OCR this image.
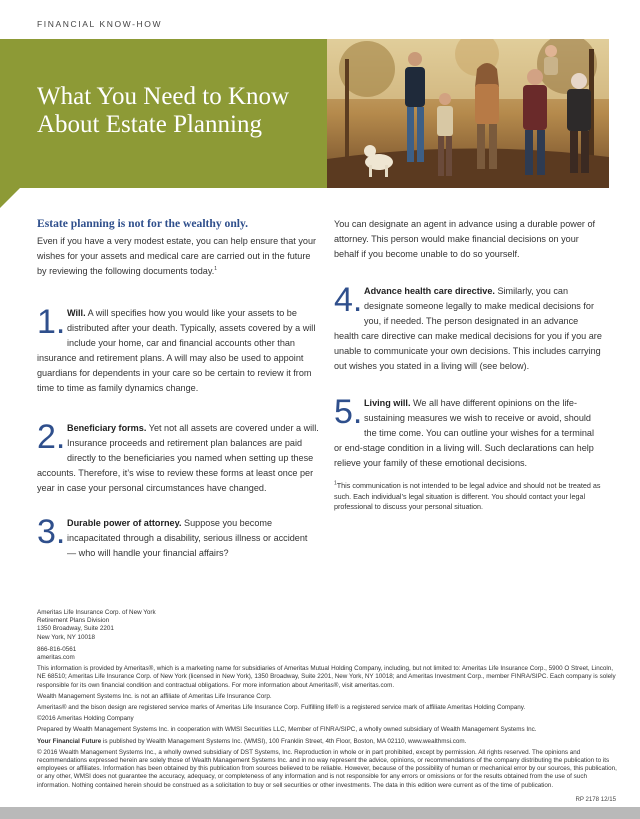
FINANCIAL KNOW-HOW
What You Need to Know About Estate Planning
Estate planning is not for the wealthy only.

Even if you have a very modest estate, you can help ensure that your wishes for your assets and medical care are carried out in the future by reviewing the following documents today.$^1$

1. Will. A will specifies how you would like your assets to be distributed after your death. Typically, assets covered by a will include your home, car and financial accounts other than insurance and retirement plans. A will may also be used to appoint guardians for dependents in your care so be certain to review it from time to time as family dynamics change.

2. Beneficiary forms. Yet not all assets are covered under a will. Insurance proceeds and retirement plan balances are paid directly to the beneficiaries you named when setting up these accounts. Therefore, it’s wise to review these forms at least once per year in case your personal circumstances have changed.

3. Durable power of attorney. Suppose you become incapacitated through a disability, serious illness or accident — who will handle your financial affairs?

You can designate an agent in advance using a durable power of attorney. This person would make financial decisions on your behalf if you become unable to do so yourself.

4. Advance health care directive. Similarly, you can designate someone legally to make medical decisions for you, if needed. The person designated in an advance health care directive can make medical decisions for you if you are unable to communicate your own decisions. This includes carrying out wishes you stated in a living will (see below).

5. Living will. We all have different opinions on the life-sustaining measures we wish to receive or avoid, should the time come. You can outline your wishes for a terminal or end-stage condition in a living will. Such declarations can help relieve your family of these emotional decisions.

$^1$This communication is not intended to be legal advice and should not be treated as such. Each individual’s legal situation is different. You should contact your legal professional to discuss your personal situation.
Ameritas Life Insurance Corp. of New York
Retirement Plans Division
1350 Broadway, Suite 2201
New York, NY 10018
866-816-0561
ameritas.com

This information is provided by Ameritas®, which is a marketing name for subsidiaries of Ameritas Mutual Holding Company, including, but not limited to: Ameritas Life Insurance Corp., 5900 O Street, Lincoln, NE 68510; Ameritas Life Insurance Corp. of New York (licensed in New York), 1350 Broadway, Suite 2201, New York, NY 10018; and Ameritas Investment Corp., member FINRA/SIPC. Each company is solely responsible for its own financial condition and contractual obligations. For more information about Ameritas®, visit ameritas.com.

Wealth Management Systems Inc. is not an affiliate of Ameritas Life Insurance Corp.

Ameritas® and the bison design are registered service marks of Ameritas Life Insurance Corp. Fulfilling life® is a registered service mark of affiliate Ameritas Holding Company.

©2016 Ameritas Holding Company

Prepared by Wealth Management Systems Inc. in cooperation with WMSI Securities LLC, Member of FINRA/SIPC, a wholly owned subsidiary of Wealth Management Systems Inc.

Your Financial Future is published by Wealth Management Systems Inc. (WMSI), 100 Franklin Street, 4th Floor, Boston, MA 02110, www.wealthmsi.com.

© 2016 Wealth Management Systems Inc., a wholly owned subsidiary of DST Systems, Inc. Reproduction in whole or in part prohibited, except by permission. All rights reserved. The opinions and recommendations expressed herein are solely those of Wealth Management Systems Inc. and in no way represent the advice, opinions, or recommendations of the company distributing the publication to its employees or affiliates. Information has been obtained by this publication from sources believed to be reliable. However, because of the possibility of human or mechanical error by our sources, this publication, or any other, WMSI does not guarantee the accuracy, adequacy, or completeness of any information and is not responsible for any errors or omissions or for the results obtained from the use of such information. Nothing contained herein should be construed as a solicitation to buy or sell securities or other investments. The data in this edition were current as of the time of publication.

RP 2178 12/15
